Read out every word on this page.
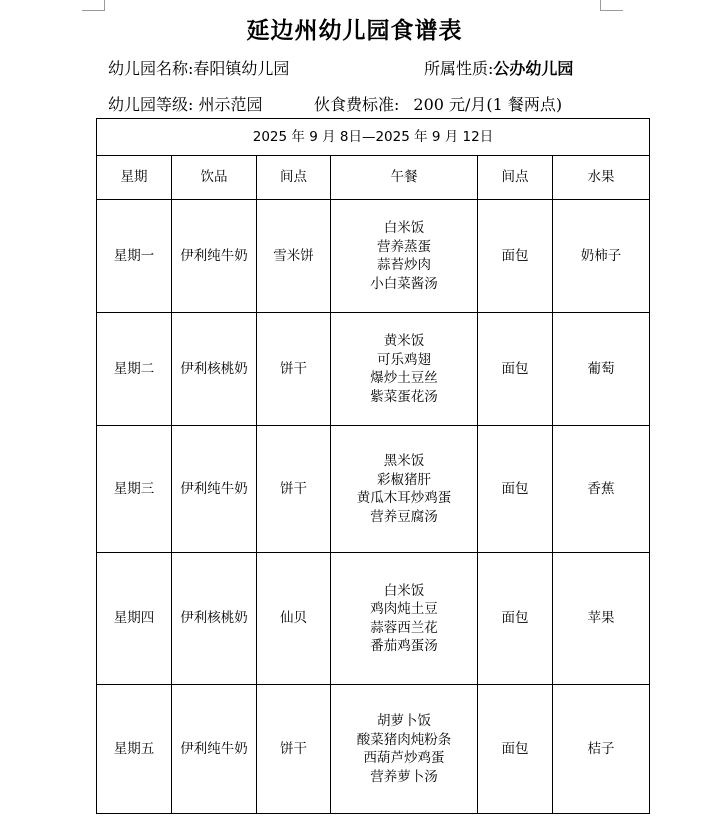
延边州幼儿园食谱表
幼儿园名称:春阳镇幼儿园	所属性质:公办幼儿园
幼儿园等级: 州示范园	伙食费标准: 200 元/月(1 餐两点)
2025 年 9 月 8日—2025 年 9 月 12日					
星期	饮品	间点	午餐	间点	水果
星期一	伊利纯牛奶	雪米饼	白米饭
营养蒸蛋
蒜苔炒肉
小白菜酱汤	面包	奶柿子
星期二	伊利核桃奶	饼干	黄米饭
可乐鸡翅
爆炒土豆丝
紫菜蛋花汤	面包	葡萄
星期三	伊利纯牛奶	饼干	黑米饭
彩椒猪肝
黄瓜木耳炒鸡蛋
营养豆腐汤	面包	香蕉
星期四	伊利核桃奶	仙贝	白米饭
鸡肉炖土豆
蒜蓉西兰花
番茄鸡蛋汤	面包	苹果
星期五	伊利纯牛奶	饼干	胡萝卜饭
酸菜猪肉炖粉条
西葫芦炒鸡蛋
营养萝卜汤	面包	桔子
